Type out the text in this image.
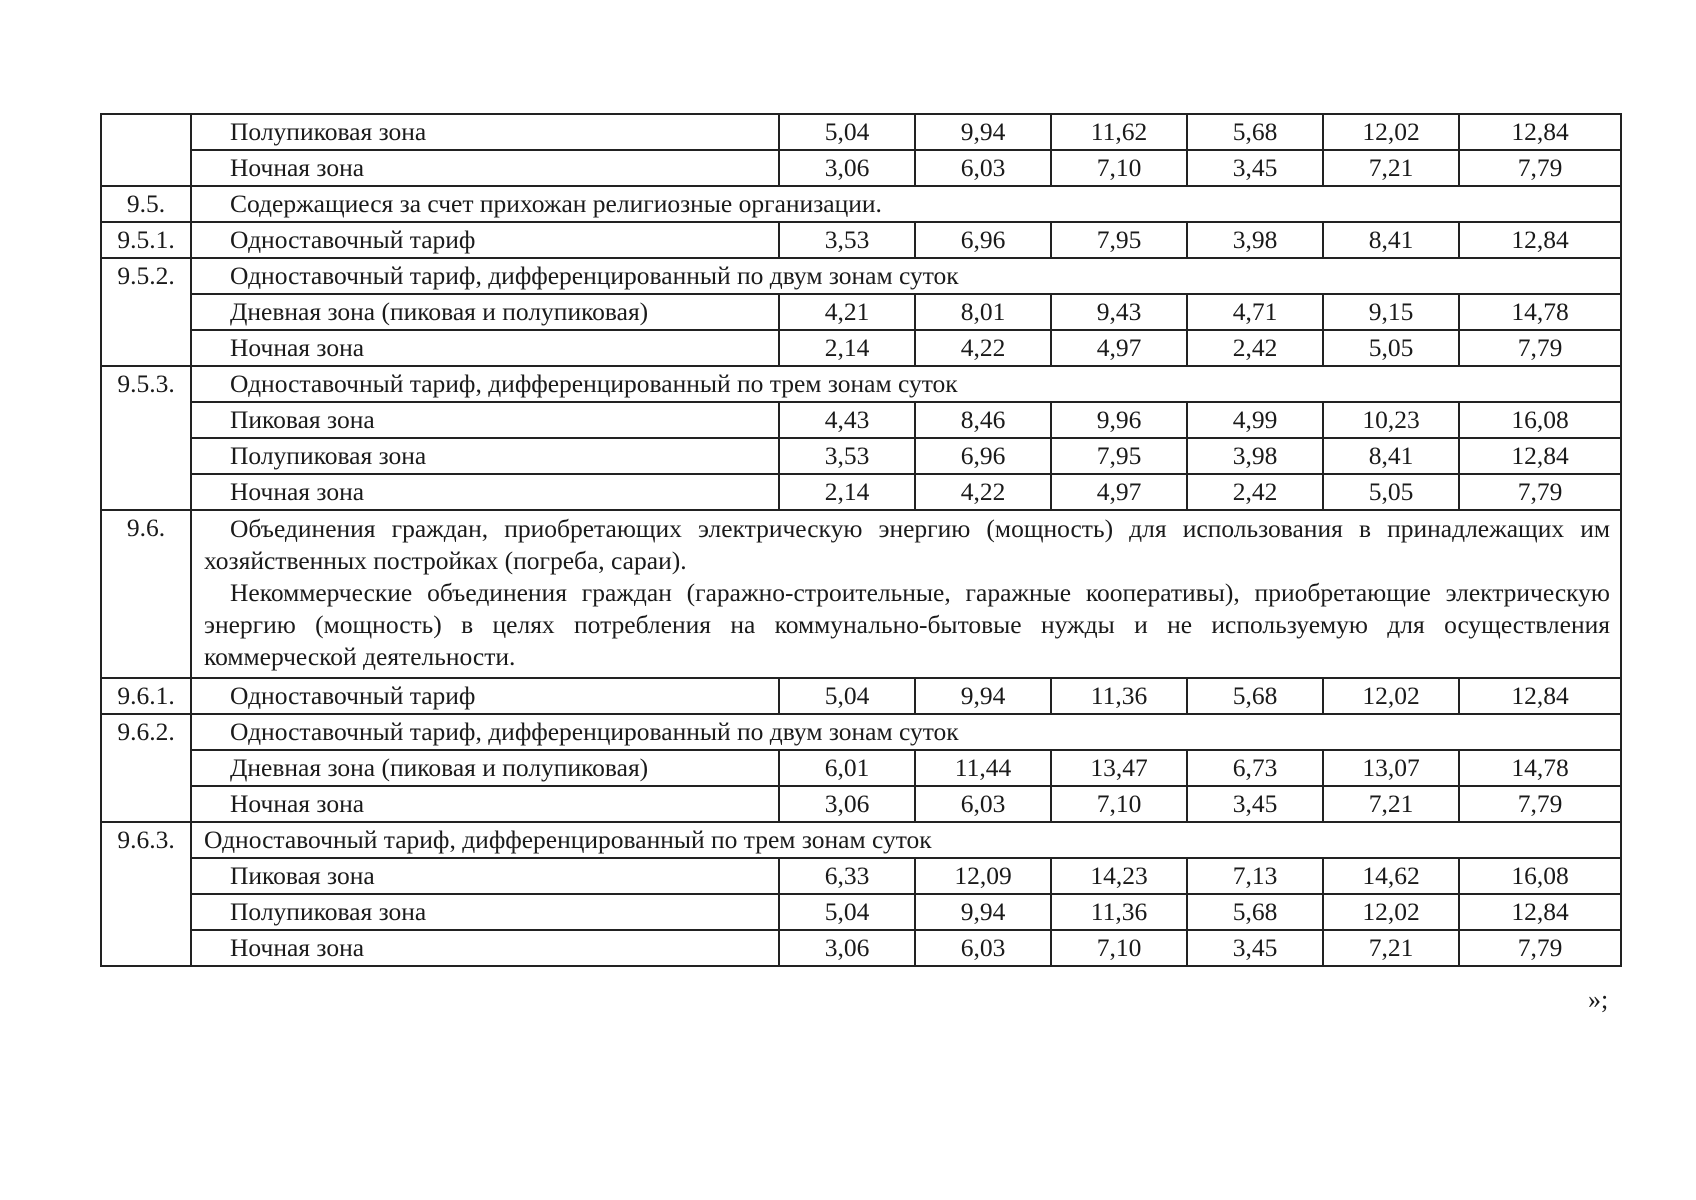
	Полупиковая зона	5,04	9,94	11,62	5,68	12,02	12,84
	Ночная зона	3,06	6,03	7,10	3,45	7,21	7,79
9.5.	Содержащиеся за счет прихожан религиозные организации.						
9.5.1.	Одноставочный тариф	3,53	6,96	7,95	3,98	8,41	12,84
9.5.2.	Одноставочный тариф, дифференцированный по двум зонам суток						
	Дневная зона (пиковая и полупиковая)	4,21	8,01	9,43	4,71	9,15	14,78
	Ночная зона	2,14	4,22	4,97	2,42	5,05	7,79
9.5.3.	Одноставочный тариф, дифференцированный по трем зонам суток						
	Пиковая зона	4,43	8,46	9,96	4,99	10,23	16,08
	Полупиковая зона	3,53	6,96	7,95	3,98	8,41	12,84
	Ночная зона	2,14	4,22	4,97	2,42	5,05	7,79
9.6.	Объединения граждан, приобретающих электрическую энергию (мощность) для использования в принадлежащих им хозяйственных постройках (погреба, сараи).
Некоммерческие объединения граждан (гаражно-строительные, гаражные кооперативы), приобретающие электрическую энергию (мощность) в целях потребления на коммунально-бытовые нужды и не используемую для осуществления коммерческой деятельности.						

9.6.1.	Одноставочный тариф	5,04	9,94	11,36	5,68	12,02	12,84
9.6.2.	Одноставочный тариф, дифференцированный по двум зонам суток						
	Дневная зона (пиковая и полупиковая)	6,01	11,44	13,47	6,73	13,07	14,78
	Ночная зона	3,06	6,03	7,10	3,45	7,21	7,79
9.6.3.	Одноставочный тариф, дифференцированный по трем зонам суток						
	Пиковая зона	6,33	12,09	14,23	7,13	14,62	16,08
	Полупиковая зона	5,04	9,94	11,36	5,68	12,02	12,84
	Ночная зона	3,06	6,03	7,10	3,45	7,21	7,79
»;
